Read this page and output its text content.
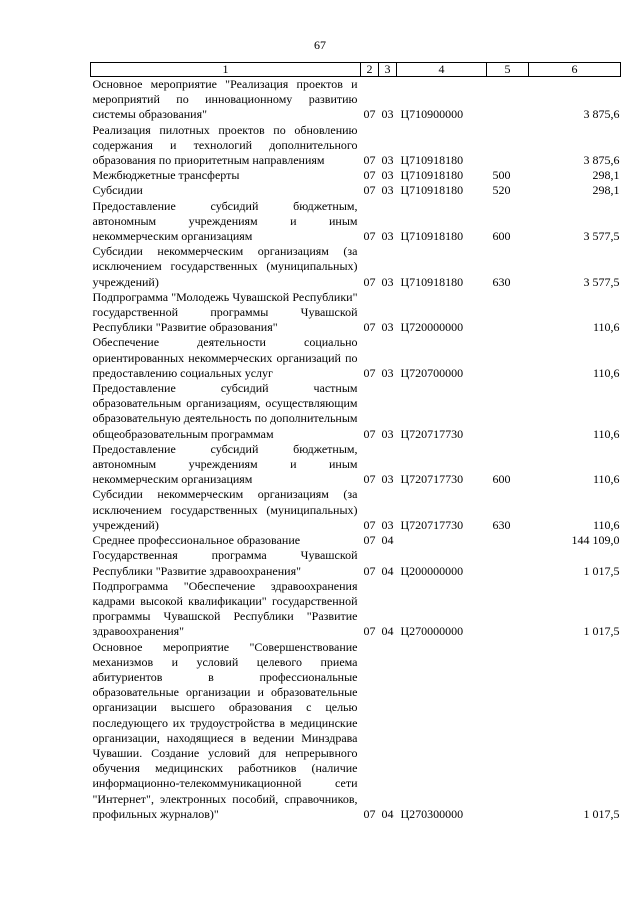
67
1	2	3	4	5	6
Основное мероприятие "Реализация проектов и мероприятий по инновационному развитию системы образования"	07	03	Ц710900000		3 875,6
Реализация пилотных проектов по обновлению содержания и технологий дополнительного образования по приоритетным направлениям	07	03	Ц710918180		3 875,6
Межбюджетные трансферты	07	03	Ц710918180	500	298,1
Субсидии	07	03	Ц710918180	520	298,1
Предоставление субсидий бюджетным, автономным учреждениям и иным некоммерческим организациям	07	03	Ц710918180	600	3 577,5
Субсидии некоммерческим организациям (за исключением государственных (муниципальных) учреждений)	07	03	Ц710918180	630	3 577,5
Подпрограмма "Молодежь Чувашской Республики" государственной программы Чувашской Республики "Развитие образования"	07	03	Ц720000000		110,6
Обеспечение деятельности социально ориентированных некоммерческих организаций по предоставлению социальных услуг	07	03	Ц720700000		110,6
Предоставление субсидий частным образовательным организациям, осуществляющим образовательную деятельность по дополнительным общеобразовательным программам	07	03	Ц720717730		110,6
Предоставление субсидий бюджетным, автономным учреждениям и иным некоммерческим организациям	07	03	Ц720717730	600	110,6
Субсидии некоммерческим организациям (за исключением государственных (муниципальных) учреждений)	07	03	Ц720717730	630	110,6
Среднее профессиональное образование	07	04			144 109,0
Государственная программа Чувашской Республики "Развитие здравоохранения"	07	04	Ц200000000		1 017,5
Подпрограмма "Обеспечение здравоохранения кадрами высокой квалификации" государственной программы Чувашской Республики "Развитие здравоохранения"	07	04	Ц270000000		1 017,5
Основное мероприятие "Совершенствование механизмов и условий целевого приема абитуриентов в профессиональные образовательные организации и образовательные организации высшего образования с целью последующего их трудоустройства в медицинские организации, находящиеся в ведении Минздрава Чувашии. Создание условий для непрерывного обучения медицинских работников (наличие информационно-телекоммуникационной сети "Интернет", электронных пособий, справочников, профильных журналов)"	07	04	Ц270300000		1 017,5
